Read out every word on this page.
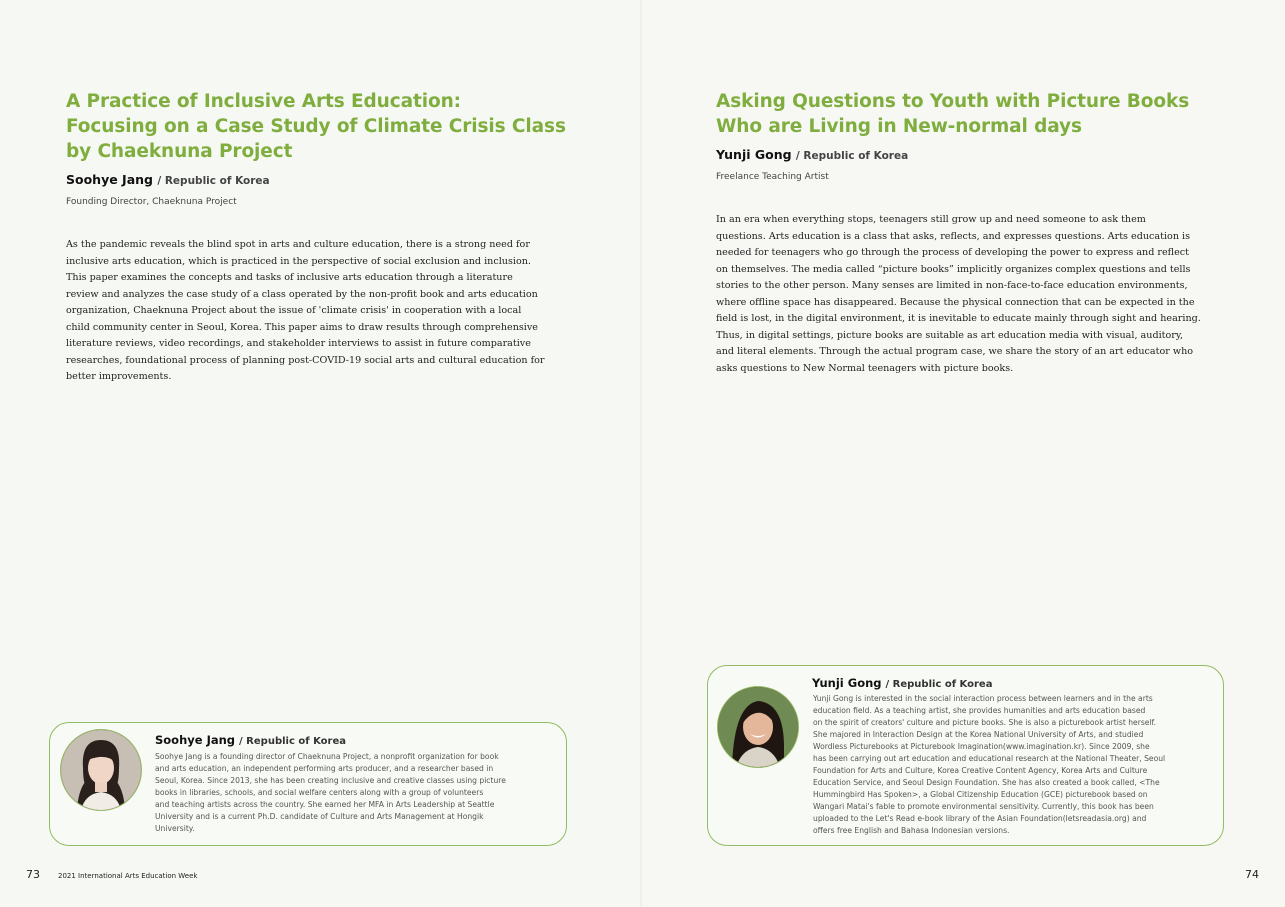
A Practice of Inclusive Arts Education:
Focusing on a Case Study of Climate Crisis Class
by Chaeknuna Project
Soohye Jang / Republic of Korea
Founding Director, Chaeknuna Project
As the pandemic reveals the blind spot in arts and culture education, there is a strong need for
inclusive arts education, which is practiced in the perspective of social exclusion and inclusion.
This paper examines the concepts and tasks of inclusive arts education through a literature
review and analyzes the case study of a class operated by the non-profit book and arts education
organization, Chaeknuna Project about the issue of 'climate crisis' in cooperation with a local
child community center in Seoul, Korea. This paper aims to draw results through comprehensive
literature reviews, video recordings, and stakeholder interviews to assist in future comparative
researches, foundational process of planning post-COVID-19 social arts and cultural education for
better improvements.
Soohye Jang / Republic of Korea
Soohye Jang is a founding director of Chaeknuna Project, a nonprofit organization for book
and arts education, an independent performing arts producer, and a researcher based in
Seoul, Korea. Since 2013, she has been creating inclusive and creative classes using picture
books in libraries, schools, and social welfare centers along with a group of volunteers
and teaching artists across the country. She earned her MFA in Arts Leadership at Seattle
University and is a current Ph.D. candidate of Culture and Arts Management at Hongik
University.
73	2021 International Arts Education Week
Asking Questions to Youth with Picture Books
Who are Living in New-normal days
Yunji Gong / Republic of Korea
Freelance Teaching Artist
In an era when everything stops, teenagers still grow up and need someone to ask them
questions. Arts education is a class that asks, reflects, and expresses questions. Arts education is
needed for teenagers who go through the process of developing the power to express and reflect
on themselves. The media called “picture books” implicitly organizes complex questions and tells
stories to the other person. Many senses are limited in non-face-to-face education environments,
where offline space has disappeared. Because the physical connection that can be expected in the
field is lost, in the digital environment, it is inevitable to educate mainly through sight and hearing.
Thus, in digital settings, picture books are suitable as art education media with visual, auditory,
and literal elements. Through the actual program case, we share the story of an art educator who
asks questions to New Normal teenagers with picture books.
Yunji Gong / Republic of Korea
Yunji Gong is interested in the social interaction process between learners and in the arts
education field. As a teaching artist, she provides humanities and arts education based
on the spirit of creators' culture and picture books. She is also a picturebook artist herself.
She majored in Interaction Design at the Korea National University of Arts, and studied
Wordless Picturebooks at Picturebook Imagination(www.imagination.kr). Since 2009, she
has been carrying out art education and educational research at the National Theater, Seoul
Foundation for Arts and Culture, Korea Creative Content Agency, Korea Arts and Culture
Education Service, and Seoul Design Foundation. She has also created a book called, <The
Hummingbird Has Spoken>, a Global Citizenship Education (GCE) picturebook based on
Wangari Matai's fable to promote environmental sensitivity. Currently, this book has been
uploaded to the Let's Read e-book library of the Asian Foundation(letsreadasia.org) and
offers free English and Bahasa Indonesian versions.
74
